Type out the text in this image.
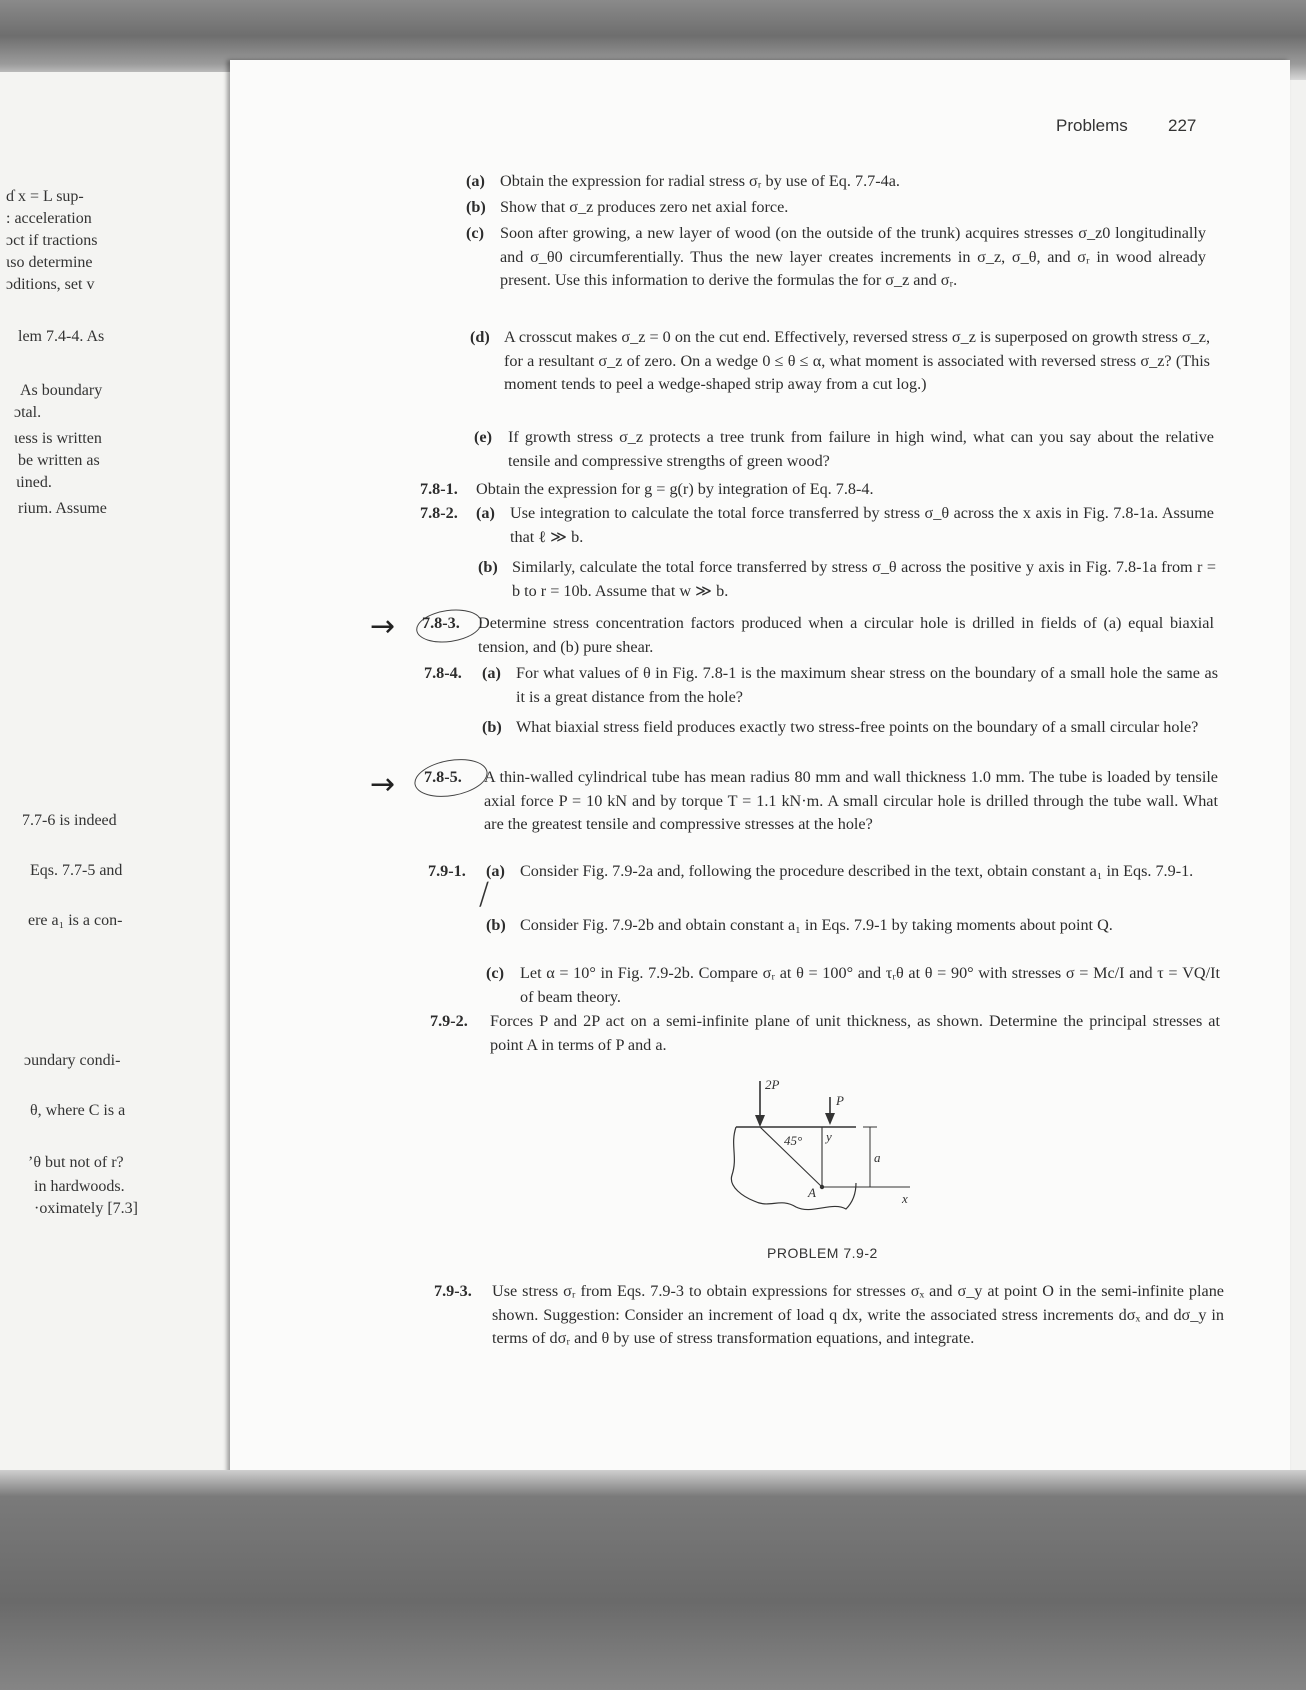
ɗ x = L sup-
: acceleration
ɔct if tractions
ɩso determine
ɔditions, set v
lem 7.4-4. As
As boundary
ɔtal.
ɩess is written
be written as
ɩined.
rium. Assume
7.7-6 is indeed
Eqs. 7.7-5 and
ere a₁ is a con-
ɔundary condi-
θ, where C is a
’θ but not of r?
in hardwoods.
·oximately [7.3]
Problems 227
(a) Obtain the expression for radial stress σᵣ by use of Eq. 7.7-4a.
(b) Show that σ_z produces zero net axial force.
(c) Soon after growing, a new layer of wood (on the outside of the trunk) acquires stresses σ_z0 longitudinally and σ_θ0 circumferentially. Thus the new layer creates increments in σ_z, σ_θ, and σᵣ in wood already present. Use this information to derive the formulas the for σ_z and σᵣ.
(d) A crosscut makes σ_z = 0 on the cut end. Effectively, reversed stress σ_z is superposed on growth stress σ_z, for a resultant σ_z of zero. On a wedge 0 ≤ θ ≤ α, what moment is associated with reversed stress σ_z? (This moment tends to peel a wedge-shaped strip away from a cut log.)
(e) If growth stress σ_z protects a tree trunk from failure in high wind, what can you say about the relative tensile and compressive strengths of green wood?
7.8-1. Obtain the expression for g = g(r) by integration of Eq. 7.8-4.
7.8-2. (a) Use integration to calculate the total force transferred by stress σ_θ across the x axis in Fig. 7.8-1a. Assume that ℓ ≫ b.
(b) Similarly, calculate the total force transferred by stress σ_θ across the positive y axis in Fig. 7.8-1a from r = b to r = 10b. Assume that w ≫ b.
→ 7.8-3. Determine stress concentration factors produced when a circular hole is drilled in fields of (a) equal biaxial tension, and (b) pure shear.
7.8-4. (a) For what values of θ in Fig. 7.8-1 is the maximum shear stress on the boundary of a small hole the same as it is a great distance from the hole?
(b) What biaxial stress field produces exactly two stress-free points on the boundary of a small circular hole?
→ 7.8-5. A thin-walled cylindrical tube has mean radius 80 mm and wall thickness 1.0 mm. The tube is loaded by tensile axial force P = 10 kN and by torque T = 1.1 kN·m. A small circular hole is drilled through the tube wall. What are the greatest tensile and compressive stresses at the hole?
7.9-1. (a) Consider Fig. 7.9-2a and, following the procedure described in the text, obtain constant a₁ in Eqs. 7.9-1.
(b) Consider Fig. 7.9-2b and obtain constant a₁ in Eqs. 7.9-1 by taking moments about point Q.
(c) Let α = 10° in Fig. 7.9-2b. Compare σᵣ at θ = 100° and τᵣθ at θ = 90° with stresses σ = Mc/I and τ = VQ/It of beam theory.
╱
7.9-2. Forces P and 2P act on a semi-infinite plane of unit thickness, as shown. Determine the principal stresses at point A in terms of P and a.
2P
P
45° y
A	x
a
PROBLEM 7.9-2
7.9-3. Use stress σᵣ from Eqs. 7.9-3 to obtain expressions for stresses σₓ and σ_y at point O in the semi-infinite plane shown. Suggestion: Consider an increment of load q dx, write the associated stress increments dσₓ and dσ_y in terms of dσᵣ and θ by use of stress transformation equations, and integrate.
